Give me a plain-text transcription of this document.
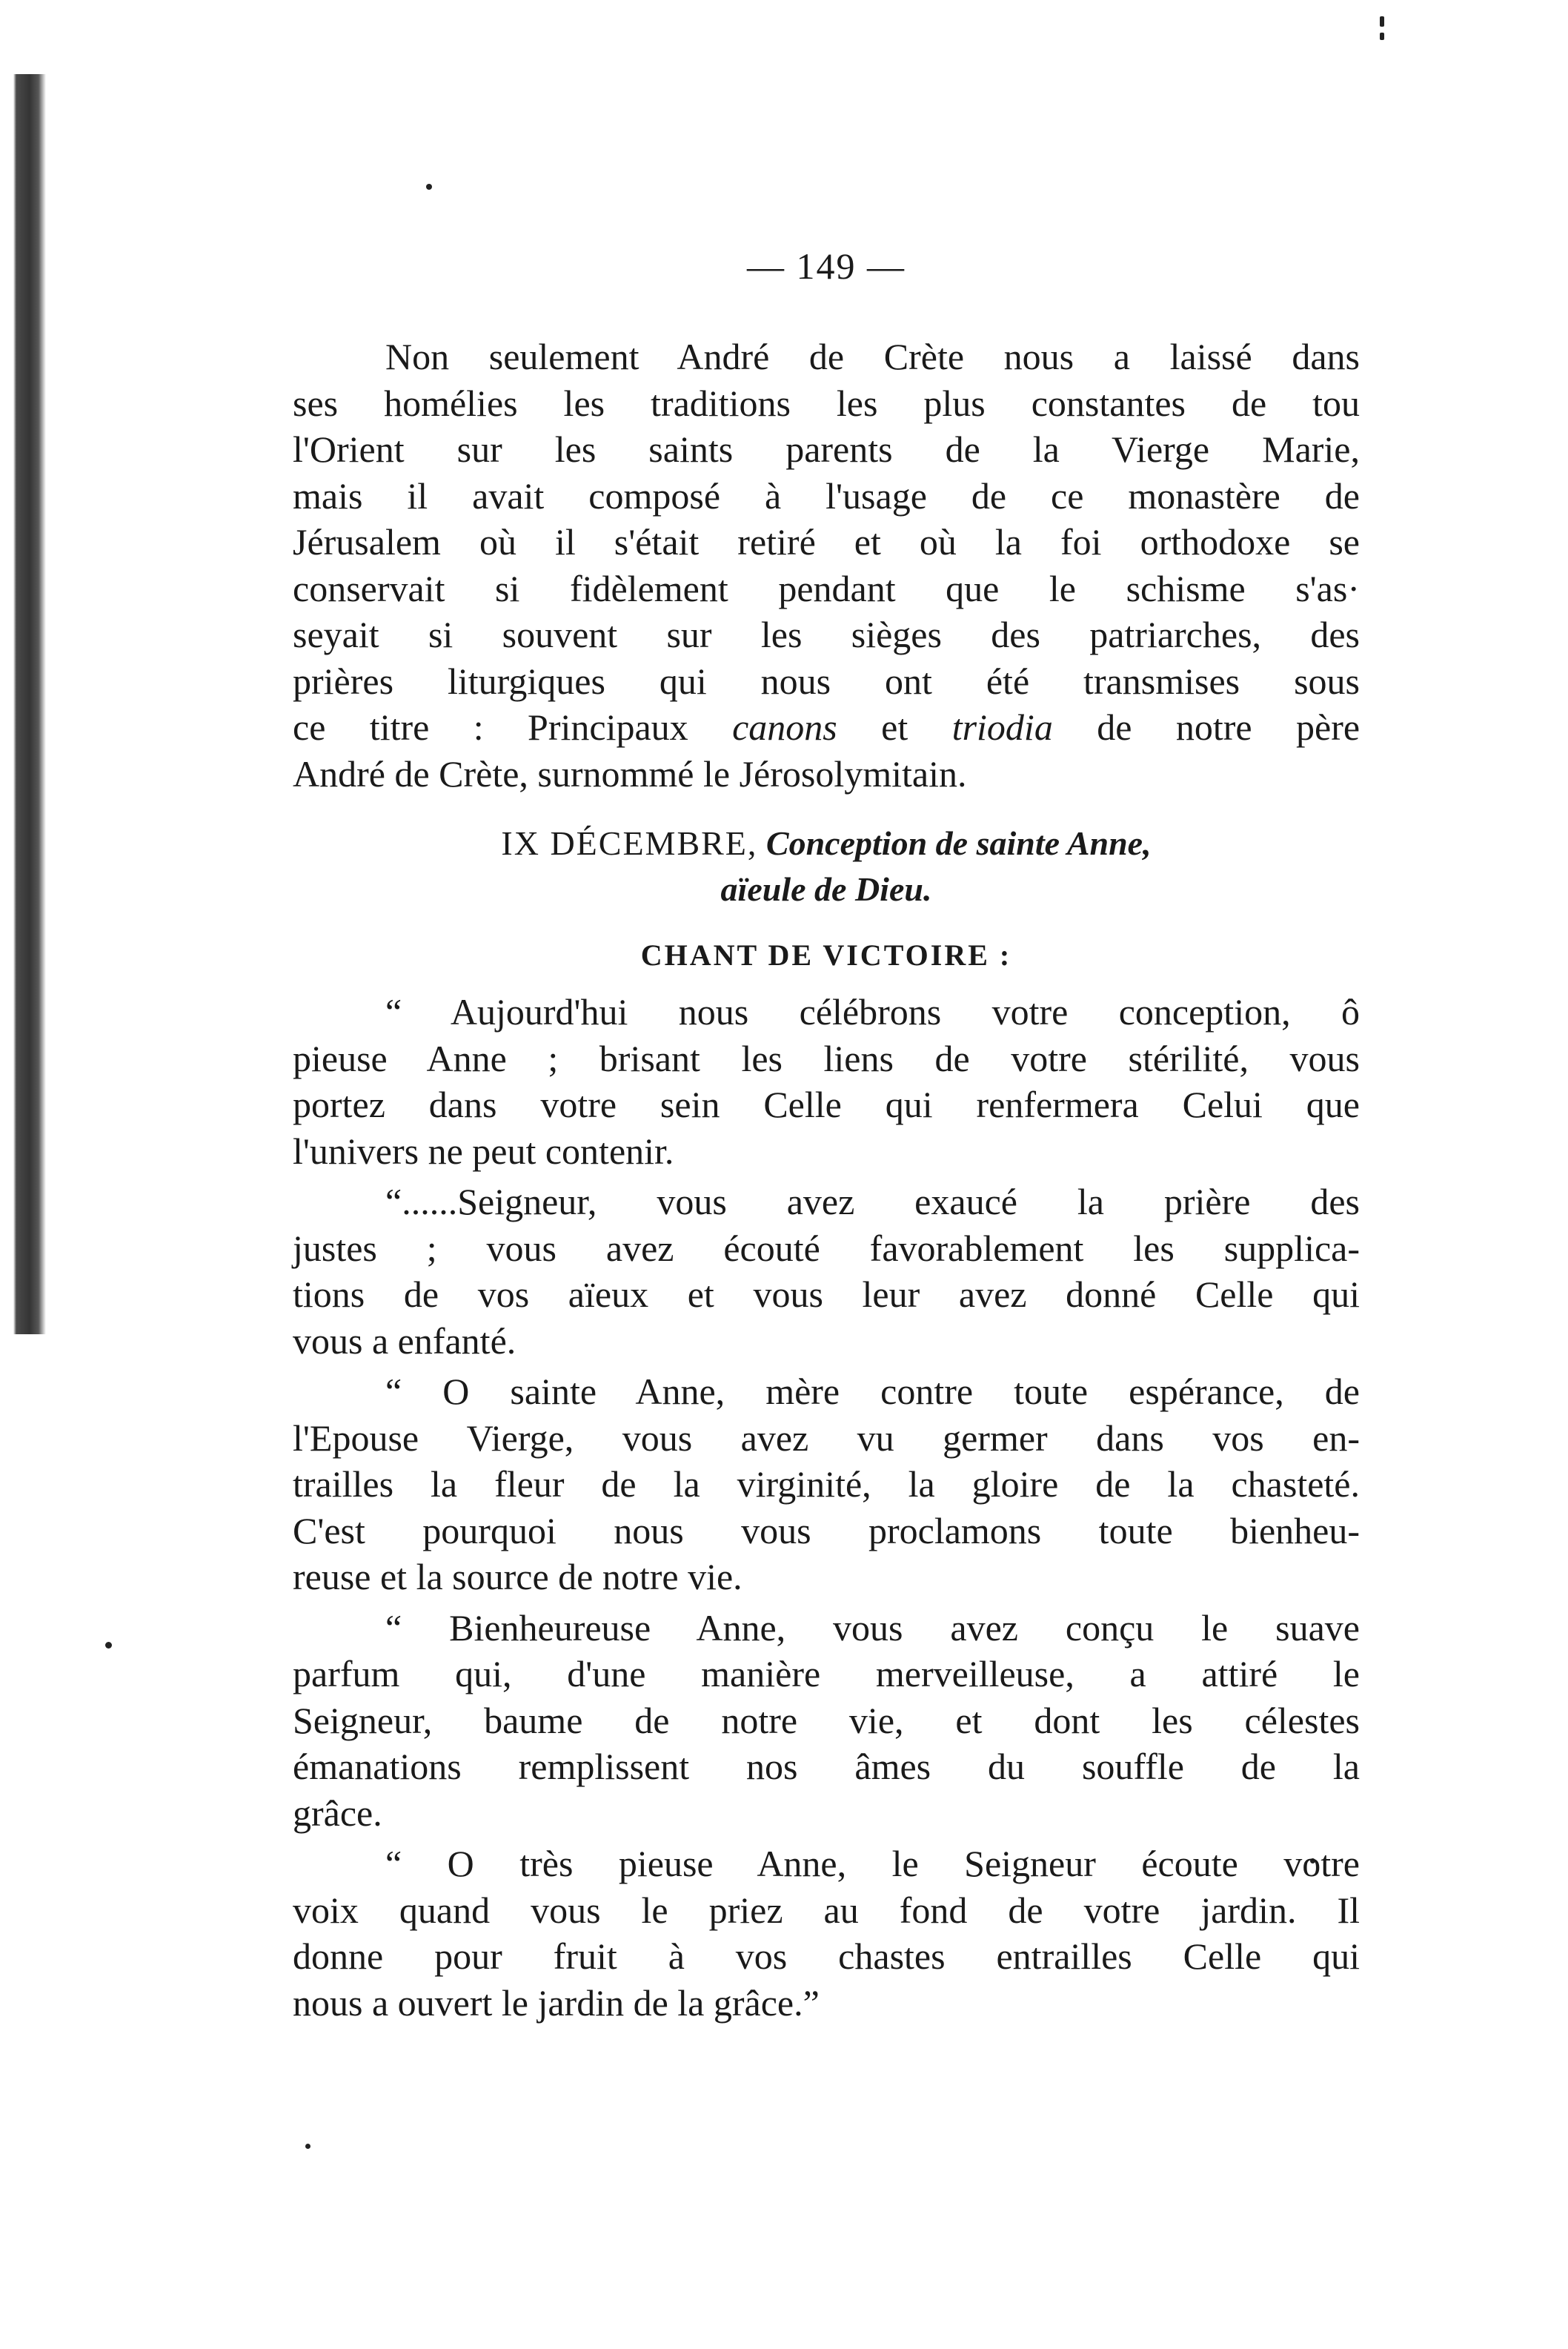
— 149 —

Non seulement André de Crète nous a laissé dans

ses homélies les traditions les plus constantes de tou

l'Orient sur les saints parents de la Vierge Marie,

mais il avait composé à l'usage de ce monastère de

Jérusalem où il s'était retiré et où la foi orthodoxe se

conservait si fidèlement pendant que le schisme s'as·

seyait si souvent sur les sièges des patriarches, des

prières liturgiques qui nous ont été transmises sous

ce titre : Principaux canons et triodia de notre père

André de Crète, surnommé le Jérosolymitain.

IX DÉCEMBRE, Conception de sainte Anne,
aïeule de Dieu.
CHANT DE VICTOIRE :

“ Aujourd'hui nous célébrons votre conception, ô

pieuse Anne ; brisant les liens de votre stérilité, vous

portez dans votre sein Celle qui renfermera Celui que

l'univers ne peut contenir.

“......Seigneur, vous avez exaucé la prière des

justes ; vous avez écouté favorablement les supplica-

tions de vos aïeux et vous leur avez donné Celle qui

vous a enfanté.

“ O sainte Anne, mère contre toute espérance, de

l'Epouse Vierge, vous avez vu germer dans vos en-

trailles la fleur de la virginité, la gloire de la chasteté.

C'est pourquoi nous vous proclamons toute bienheu-

reuse et la source de notre vie.

“ Bienheureuse Anne, vous avez conçu le suave

parfum qui, d'une manière merveilleuse, a attiré le

Seigneur, baume de notre vie, et dont les célestes

émanations remplissent nos âmes du souffle de la

grâce.

“ O très pieuse Anne, le Seigneur écoute votre

voix quand vous le priez au fond de votre jardin. Il

donne pour fruit à vos chastes entrailles Celle qui

nous a ouvert le jardin de la grâce.”
